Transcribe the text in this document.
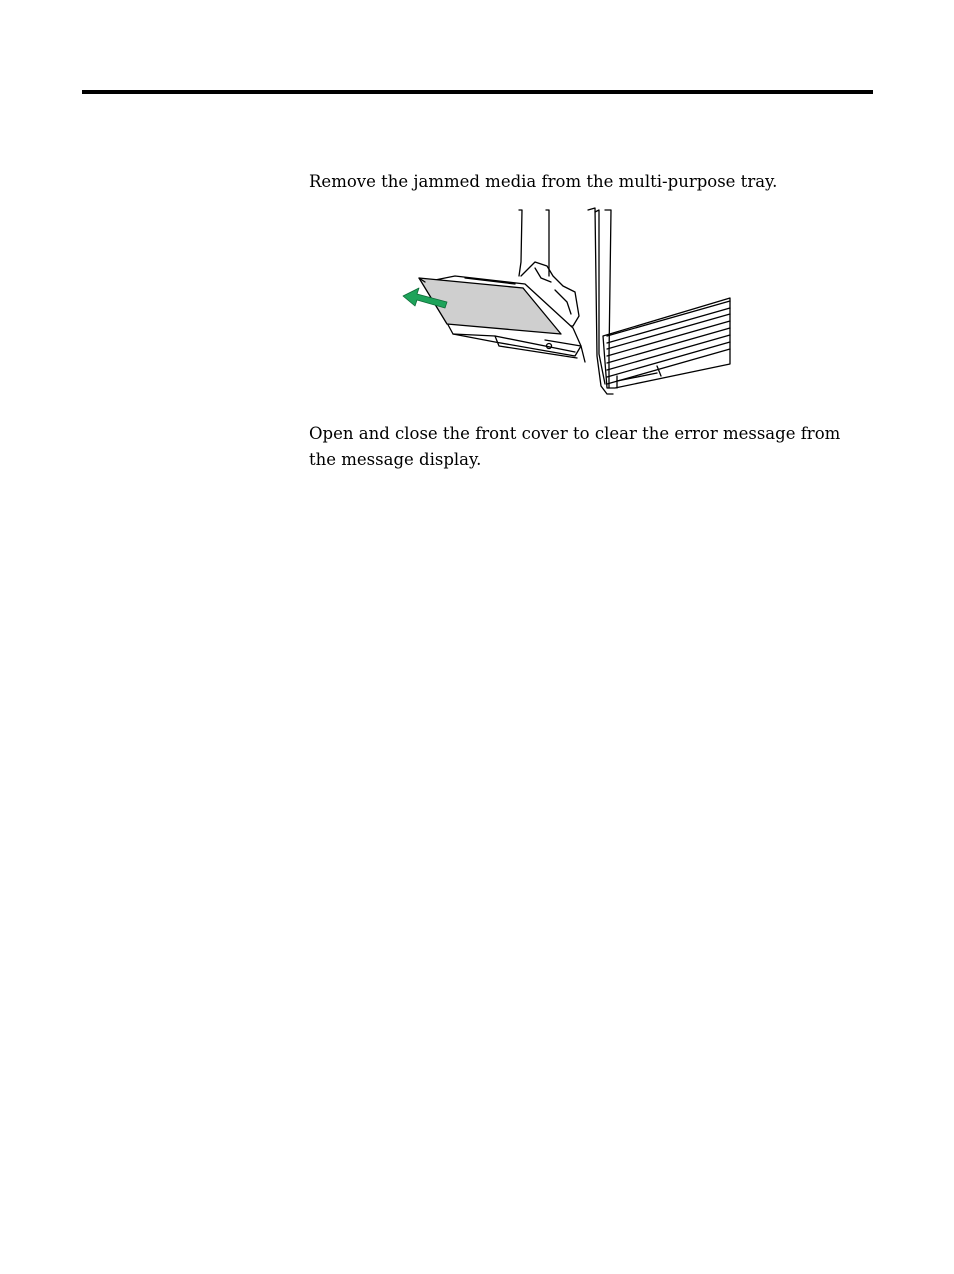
Remove the jammed media from the multi-purpose tray.

Open and close the front cover to clear the error message from the message display.
